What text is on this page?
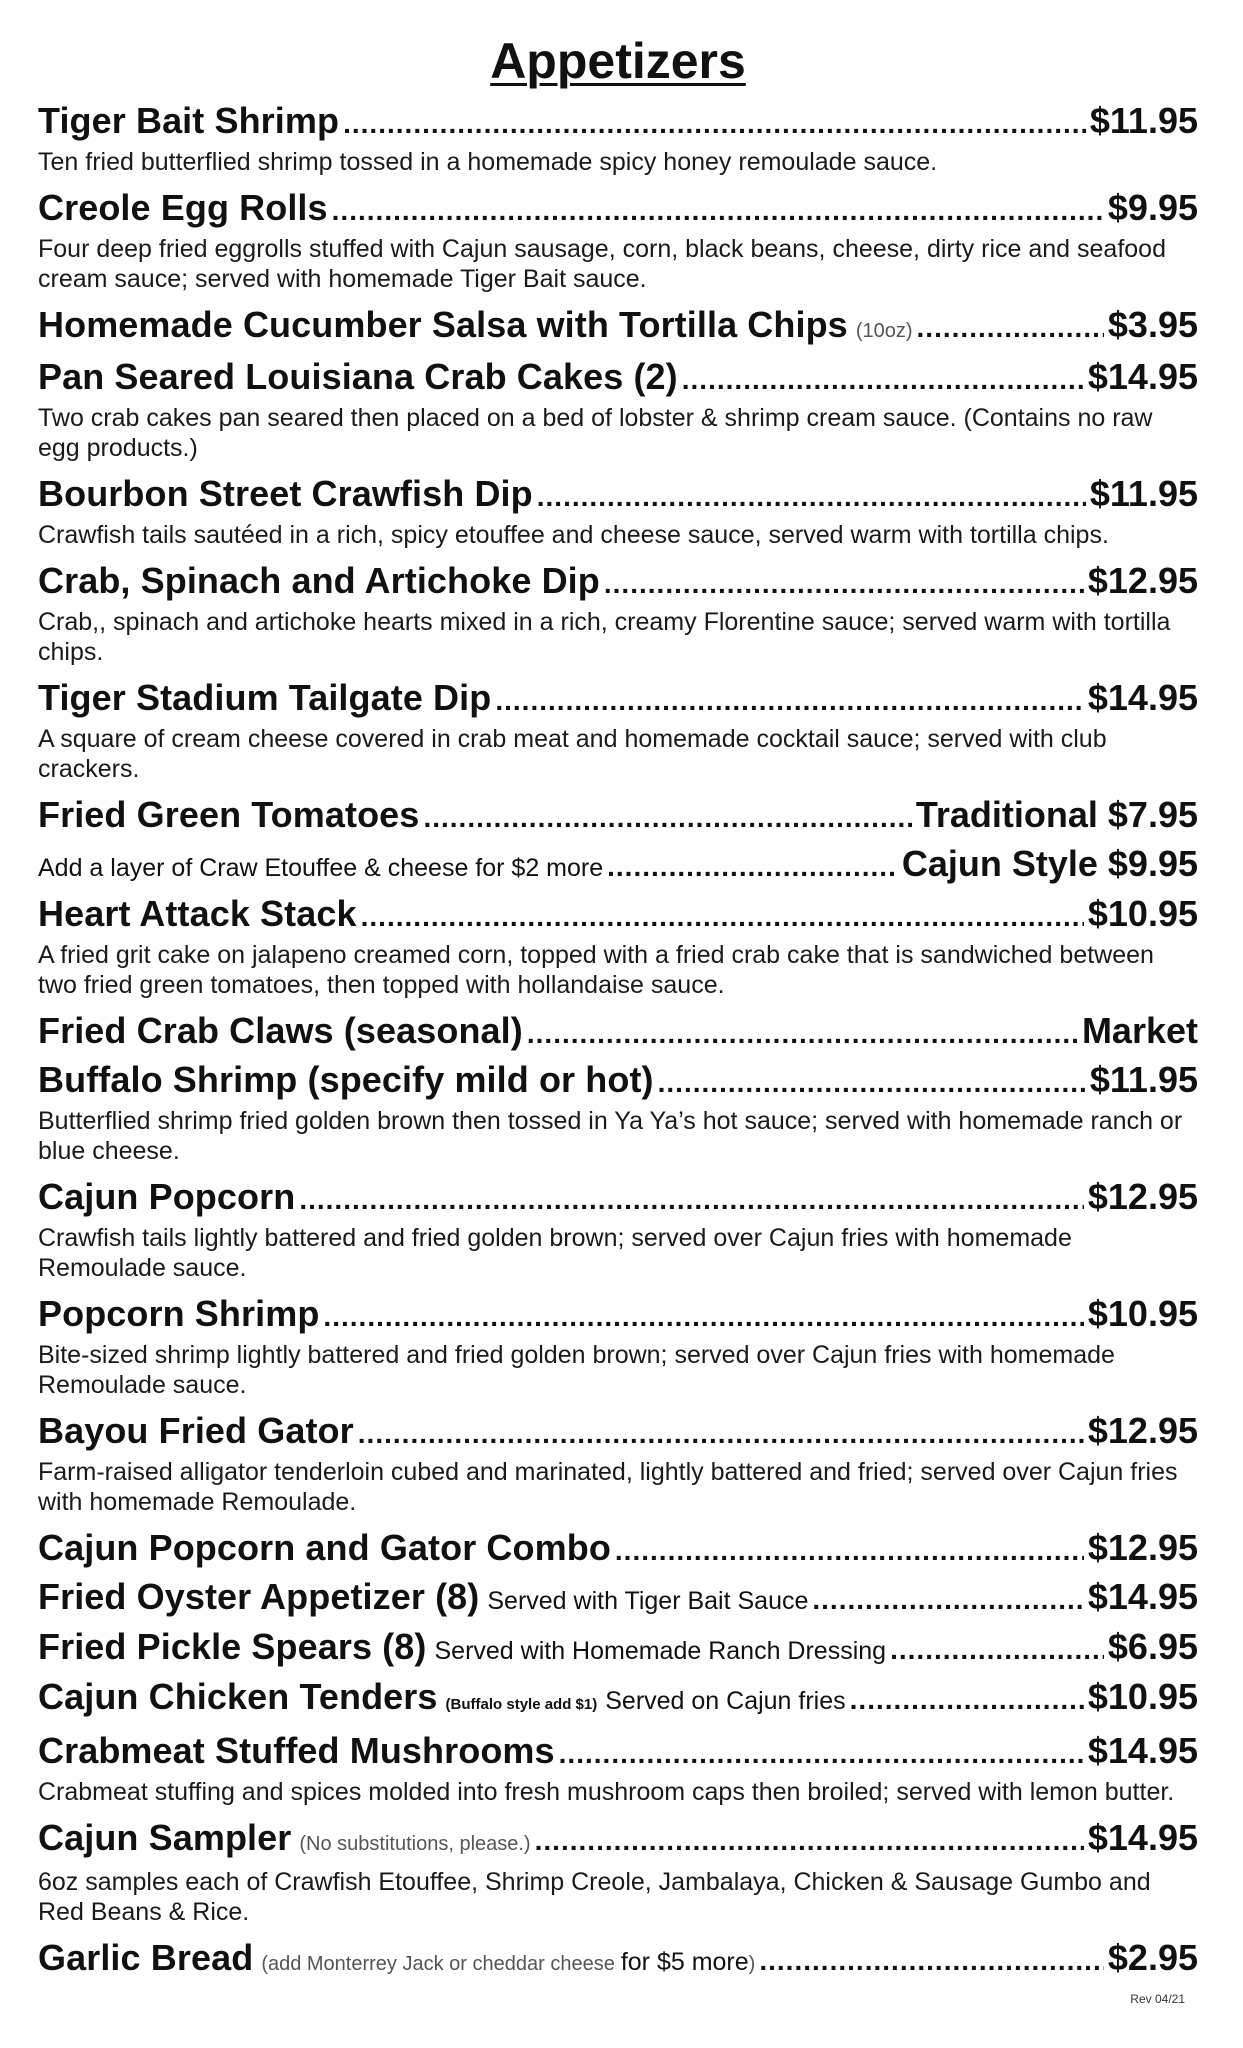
Appetizers
Tiger Bait Shrimp .....	$11.95
Ten fried butterflied shrimp tossed in a homemade spicy honey remoulade sauce.
Creole Egg Rolls .....	$9.95
Four deep fried eggrolls stuffed with Cajun sausage, corn, black beans, cheese, dirty rice and seafood cream sauce; served with homemade Tiger Bait sauce.
Homemade Cucumber Salsa with Tortilla Chips (10oz) .....	$3.95
Pan Seared Louisiana Crab Cakes (2) .....	$14.95
Two crab cakes pan seared then placed on a bed of lobster & shrimp cream sauce. (Contains no raw egg products.)
Bourbon Street Crawfish Dip .....	$11.95
Crawfish tails sautéed in a rich, spicy etouffee and cheese sauce, served warm with tortilla chips.
Crab, Spinach and Artichoke Dip .....	$12.95
Crab,, spinach and artichoke hearts mixed in a rich, creamy Florentine sauce; served warm with tortilla chips.
Tiger Stadium Tailgate Dip .....	$14.95
A square of cream cheese covered in crab meat and homemade cocktail sauce; served with club crackers.
Fried Green Tomatoes .....	Traditional $7.95
Add a layer of Craw Etouffee & cheese for $2 more .....	Cajun Style $9.95
Heart Attack Stack .....	$10.95
A fried grit cake on jalapeno creamed corn, topped with a fried crab cake that is sandwiched between two fried green tomatoes, then topped with hollandaise sauce.
Fried Crab Claws (seasonal) .....	Market
Buffalo Shrimp (specify mild or hot) .....	$11.95
Butterflied shrimp fried golden brown then tossed in Ya Ya’s hot sauce; served with homemade ranch or blue cheese.
Cajun Popcorn .....	$12.95
Crawfish tails lightly battered and fried golden brown; served over Cajun fries with homemade Remoulade sauce.
Popcorn Shrimp .....	$10.95
Bite-sized shrimp lightly battered and fried golden brown; served over Cajun fries with homemade Remoulade sauce.
Bayou Fried Gator .....	$12.95
Farm-raised alligator tenderloin cubed and marinated, lightly battered and fried; served over Cajun fries with homemade Remoulade.
Cajun Popcorn and Gator Combo .....	$12.95
Fried Oyster Appetizer (8) Served with Tiger Bait Sauce .....	$14.95
Fried Pickle Spears (8) Served with Homemade Ranch Dressing .....	$6.95
Cajun Chicken Tenders (Buffalo style add $1) Served on Cajun fries .....	$10.95
Crabmeat Stuffed Mushrooms .....	$14.95
Crabmeat stuffing and spices molded into fresh mushroom caps then broiled; served with lemon butter.
Cajun Sampler (No substitutions, please.) .....	$14.95
6oz samples each of Crawfish Etouffee, Shrimp Creole, Jambalaya, Chicken & Sausage Gumbo and Red Beans & Rice.
Garlic Bread (add Monterrey Jack or cheddar cheese for $5 more ) .....	$2.95
Rev 04/21
